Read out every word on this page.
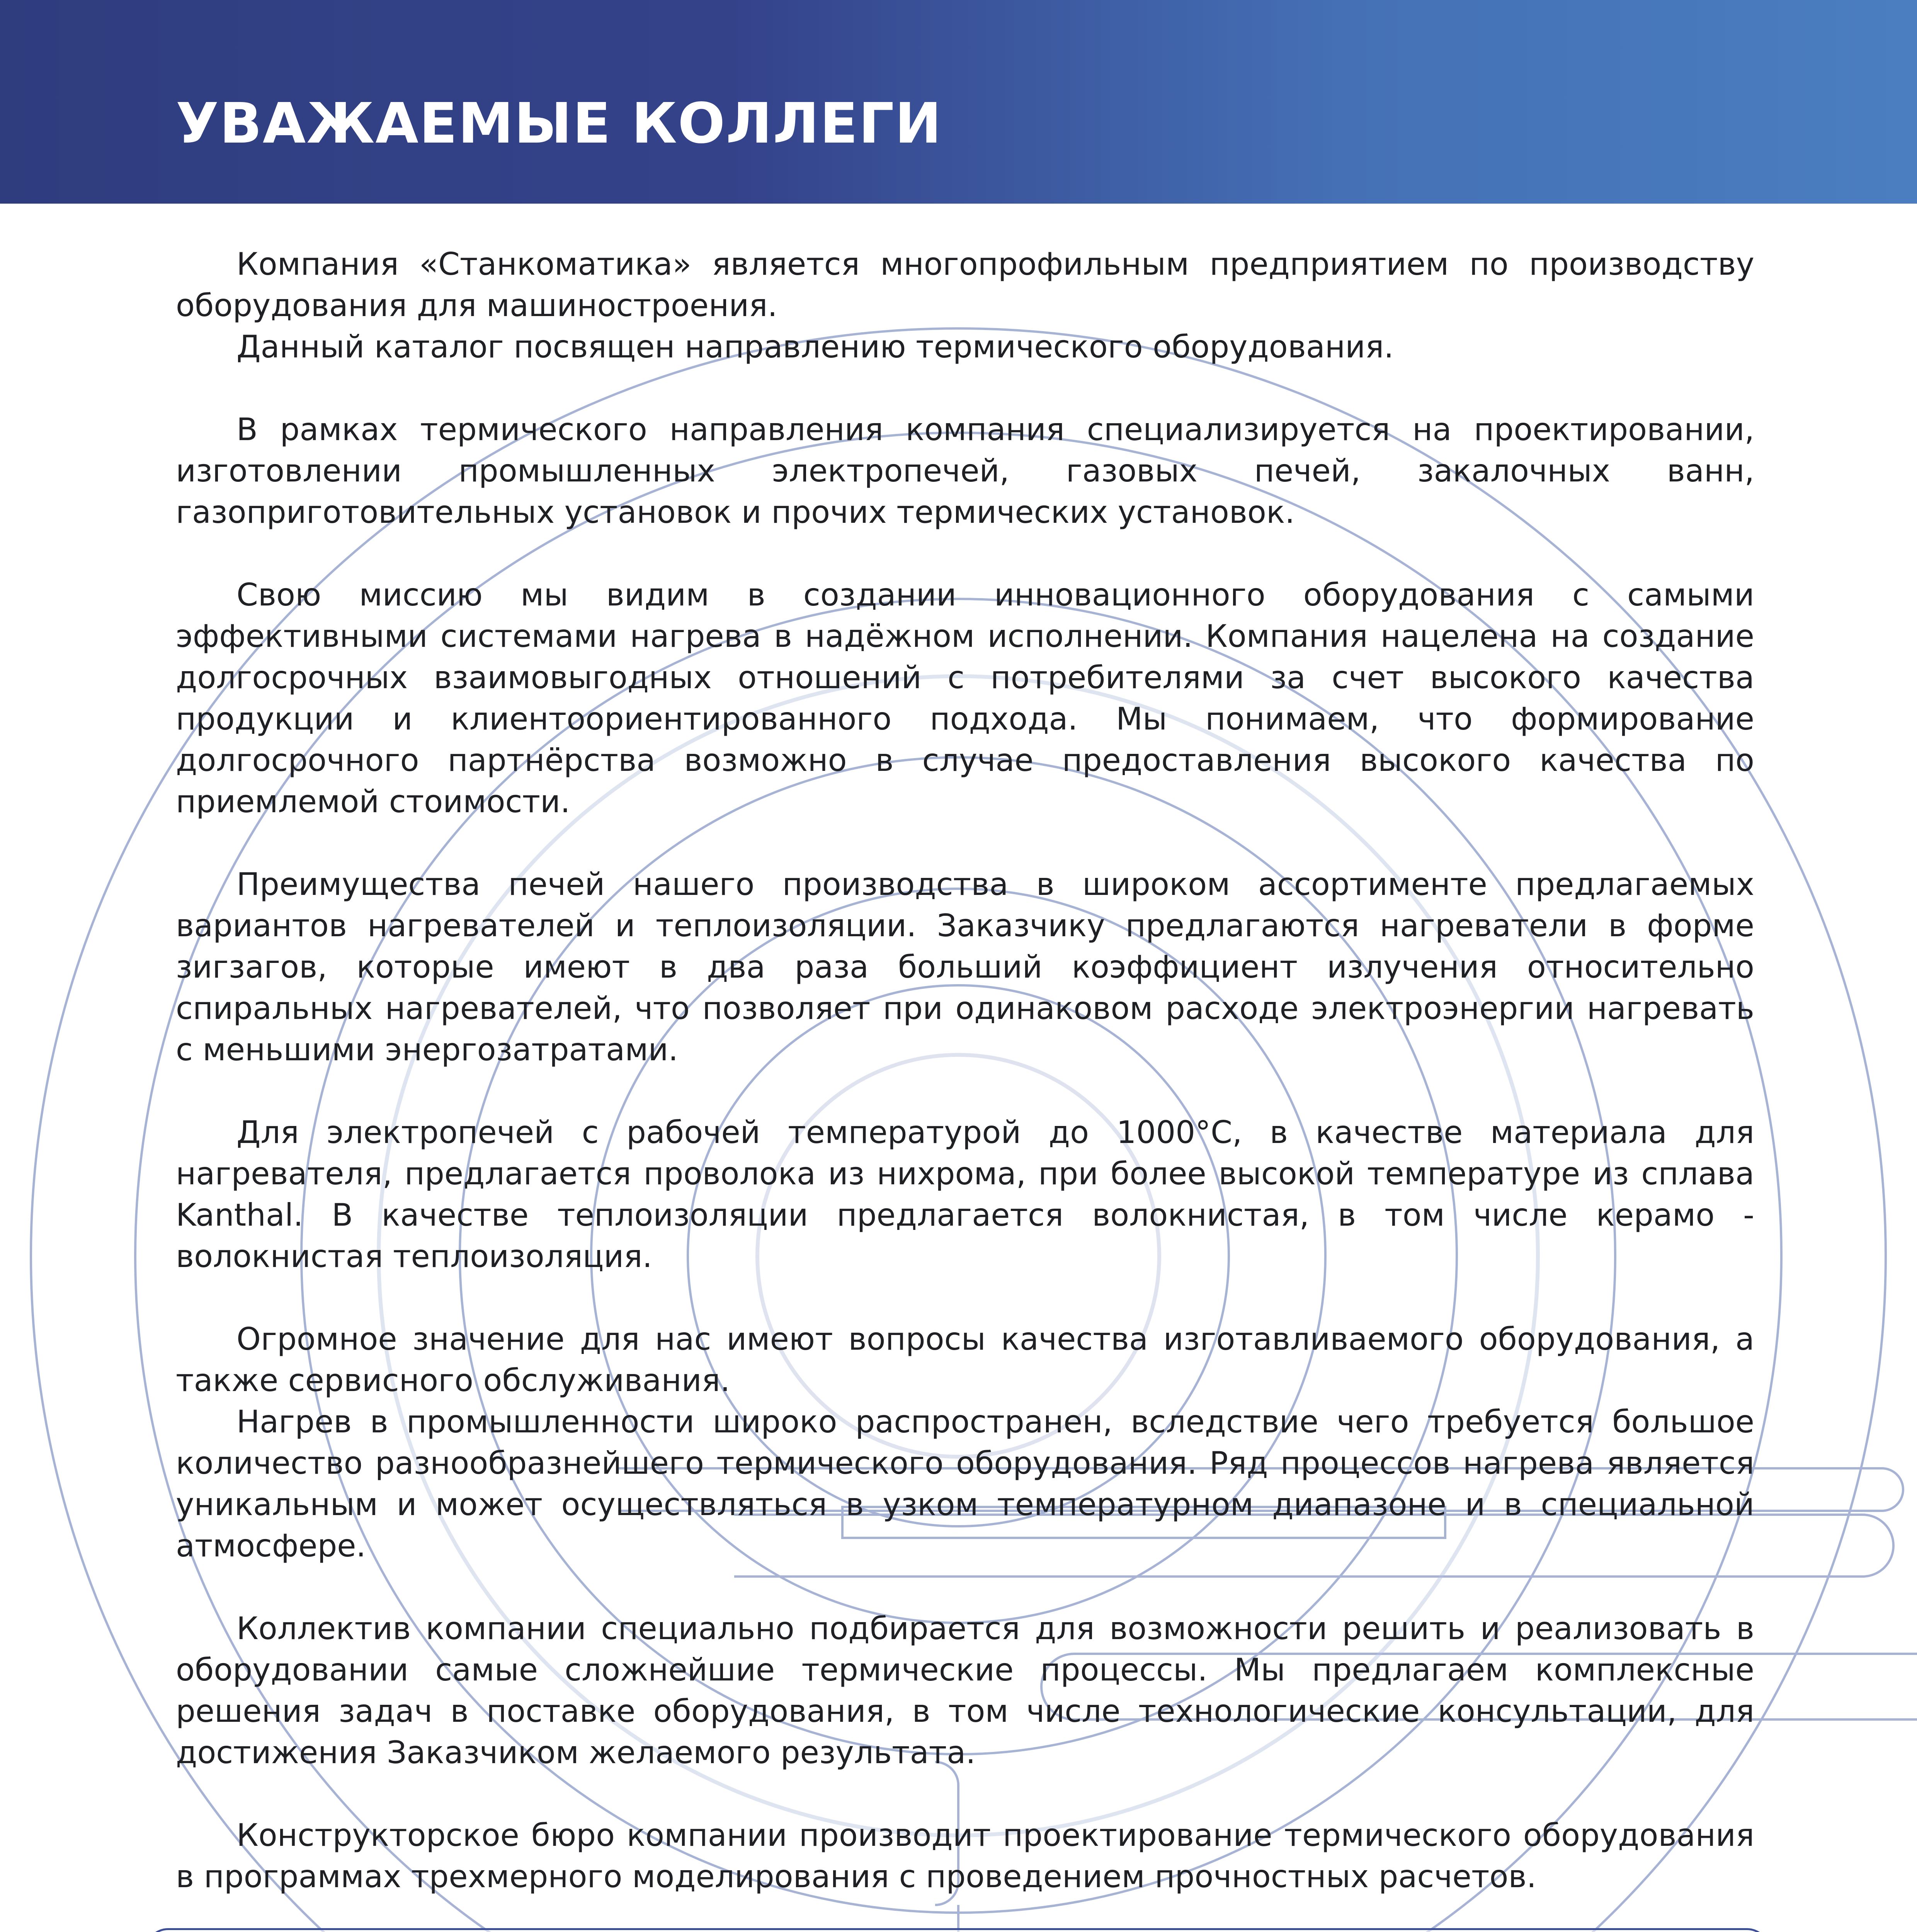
УВАЖАЕМЫЕ КОЛЛЕГИ

Компания «Станкоматика» является многопрофильным предприятием по производству оборудования для машиностроения.

Данный каталог посвящен направлению термического оборудования.

В рамках термического направления компания специализируется на проектировании, изготовлении промышленных электропечей, газовых печей, закалочных ванн, газоприготовительных установок и прочих термических установок.

Свою миссию мы видим в создании инновационного оборудования с самыми эффективными системами нагрева в надёжном исполнении. Компания нацелена на создание долгосрочных взаимовыгодных отношений с потребителями за счет высокого качества продукции и клиентоориентированного подхода. Мы понимаем, что формирование долгосрочного партнёрства возможно в случае предоставления высокого качества по приемлемой стоимости.

Преимущества печей нашего производства в широком ассортименте предлагаемых вариантов нагревателей и теплоизоляции. Заказчику предлагаются нагреватели в форме зигзагов, которые имеют в два раза больший коэффициент излучения относительно спиральных нагревателей, что позволяет при одинаковом расходе электроэнергии нагревать с меньшими энергозатратами.

Для электропечей с рабочей температурой до 1000°С, в качестве материала для нагревателя, предлагается проволока из нихрома, при более высокой температуре из сплава Kanthal. В качестве теплоизоляции предлагается волокнистая, в том числе керамо - волокнистая теплоизоляция.

Огромное значение для нас имеют вопросы качества изготавливаемого оборудования, а также сервисного обслуживания.

Нагрев в промышленности широко распространен, вследствие чего требуется большое количество разнообразнейшего термического оборудования. Ряд процессов нагрева является уникальным и может осуществляться в узком температурном диапазоне и в специальной атмосфере.

Коллектив компании специально подбирается для возможности решить и реализовать в оборудовании самые сложнейшие термические процессы. Мы предлагаем комплексные решения задач в поставке оборудования, в том числе технологические консультации, для достижения Заказчиком желаемого результата.

Конструкторское бюро компании производит проектирование термического оборудования в программах трехмерного моделирования с проведением прочностных расчетов.
